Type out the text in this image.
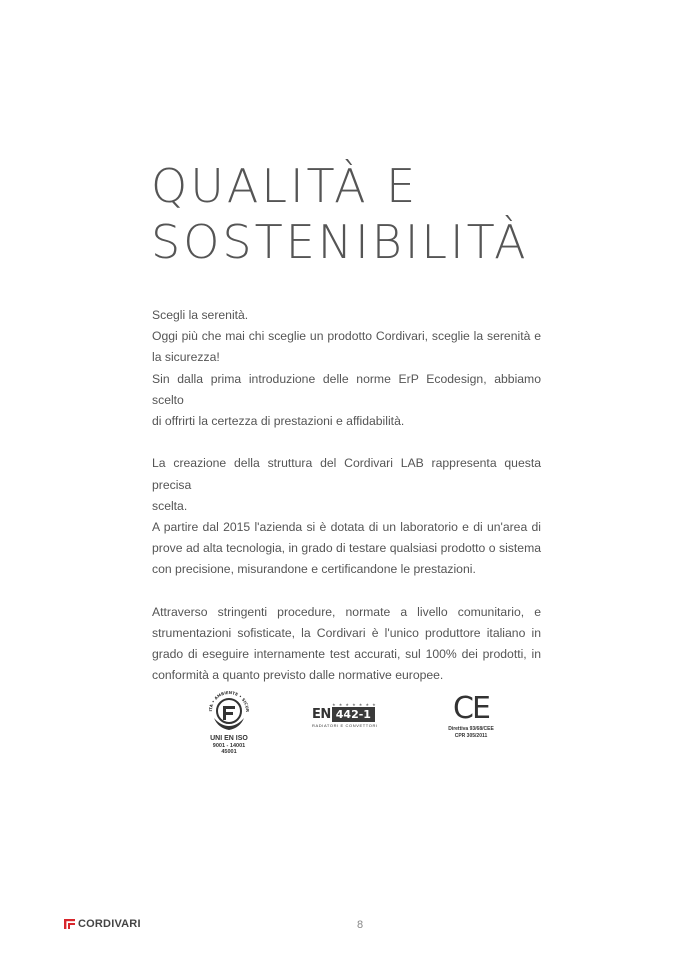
QUALITÀ E
SOSTENIBILITÀ

Scegli la serenità.
Oggi più che mai chi sceglie un prodotto Cordivari, sceglie la serenità e
la sicurezza!
Sin dalla prima introduzione delle norme ErP Ecodesign, abbiamo scelto
di offrirti la certezza di prestazioni e affidabilità.

La creazione della struttura del Cordivari LAB rappresenta questa precisa
scelta.
A partire dal 2015 l'azienda si è dotata di un laboratorio e di un'area di
prove ad alta tecnologia, in grado di testare qualsiasi prodotto o sistema
con precisione, misurandone e certificandone le prestazioni.

Attraverso stringenti procedure, normate a livello comunitario, e
strumentazioni sofisticate, la Cordivari è l'unico produttore italiano in
grado di eseguire internamente test accurati, sul 100% dei prodotti, in
conformità a quanto previsto dalle normative europee.

ITÀ • AMBIENTE • SICUR
UNI EN ISO
9001 - 14001
45001
★ ★ ★ ★ ★ ★ ★
EN 442-1
RADIATORI E CONVETTORI	CE
Direttiva 93/68/CEE
CPR 305/2011
CORDIVARI	8
